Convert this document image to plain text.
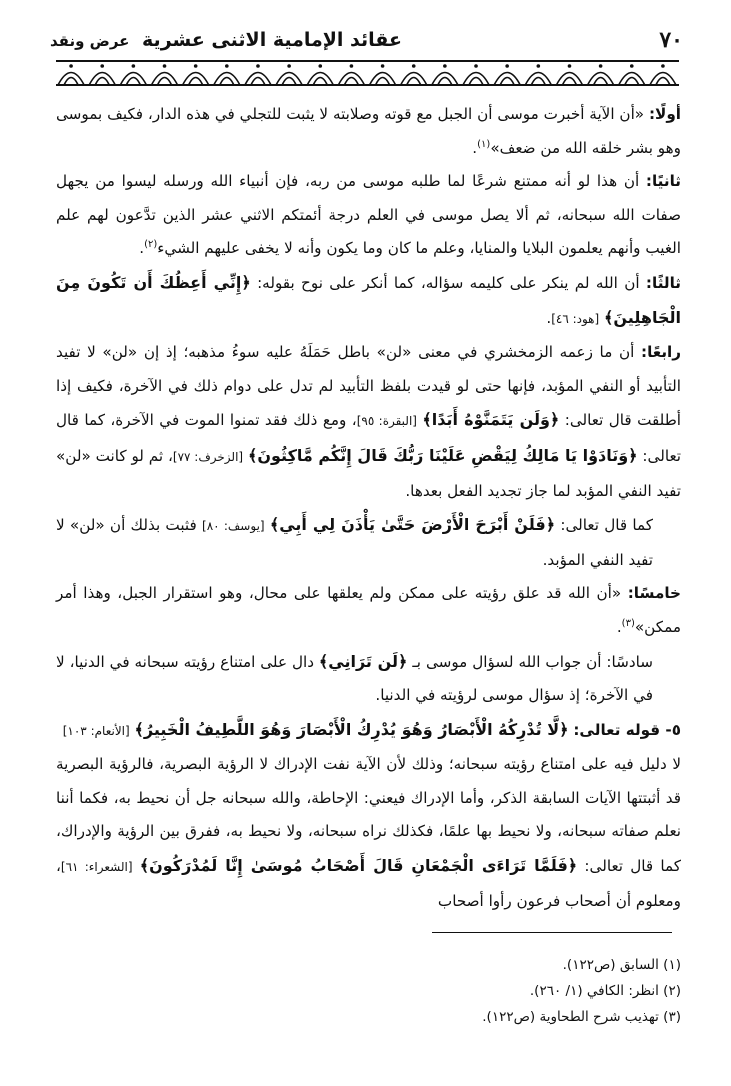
٧٠
عقائد الإمامية الاثنى عشرية عرض ونقد

أولًا: «أن الآية أخبرت موسى أن الجبل مع قوته وصلابته لا يثبت للتجلي في هذه الدار، فكيف بموسى وهو بشر خلقه الله من ضعف»$^{(١)}$.

ثانيًا: أن هذا لو أنه ممتنع شرعًا لما طلبه موسى من ربه، فإن أنبياء الله ورسله ليسوا من يجهل صفات الله سبحانه، ثم ألا يصل موسى في العلم درجة أئمتكم الاثني عشر الذين تدَّعون لهم علم الغيب وأنهم يعلمون البلايا والمنايا، وعلم ما كان وما يكون وأنه لا يخفى عليهم الشيء$^{(٢)}$.

ثالثًا: أن الله لم ينكر على كليمه سؤاله، كما أنكر على نوح بقوله: ﴿إِنِّي أَعِظُكَ أَن تَكُونَ مِنَ الْجَاهِلِينَ﴾ [هود: ٤٦].

رابعًا: أن ما زعمه الزمخشري في معنى «لن» باطل حَمَلَهُ عليه سوءُ مذهبه؛ إذ إن «لن» لا تفيد التأبيد أو النفي المؤبد، فإنها حتى لو قيدت بلفظ التأبيد لم تدل على دوام ذلك في الآخرة، فكيف إذا أطلقت قال تعالى: ﴿وَلَن يَتَمَنَّوْهُ أَبَدًا﴾ [البقرة: ٩٥]، ومع ذلك فقد تمنوا الموت في الآخرة، كما قال تعالى: ﴿وَنَادَوْا يَا مَالِكُ لِيَقْضِ عَلَيْنَا رَبُّكَ قَالَ إِنَّكُم مَّاكِثُونَ﴾ [الزخرف: ٧٧]، ثم لو كانت «لن» تفيد النفي المؤبد لما جاز تجديد الفعل بعدها.

كما قال تعالى: ﴿فَلَنْ أَبْرَحَ الْأَرْضَ حَتَّىٰ يَأْذَنَ لِي أَبِي﴾ [يوسف: ٨٠] فثبت بذلك أن «لن» لا تفيد النفي المؤبد.

خامسًا: «أن الله قد علق رؤيته على ممكن ولم يعلقها على محال، وهو استقرار الجبل، وهذا أمر ممكن»$^{(٣)}$.

سادسًا: أن جواب الله لسؤال موسى بـ ﴿لَن تَرَانِي﴾ دال على امتناع رؤيته سبحانه في الدنيا، لا في الآخرة؛ إذ سؤال موسى لرؤيته في الدنيا.

٥- قوله تعالى: ﴿لَّا تُدْرِكُهُ الْأَبْصَارُ وَهُوَ يُدْرِكُ الْأَبْصَارَ وَهُوَ اللَّطِيفُ الْخَبِيرُ﴾ [الأنعام: ١٠٣]

لا دليل فيه على امتناع رؤيته سبحانه؛ وذلك لأن الآية نفت الإدراك لا الرؤية البصرية، فالرؤية البصرية قد أثبتتها الآيات السابقة الذكر، وأما الإدراك فيعني: الإحاطة، والله سبحانه جل أن نحيط به، فكما أننا نعلم صفاته سبحانه، ولا نحيط بها علمًا، فكذلك نراه سبحانه، ولا نحيط به، ففرق بين الرؤية والإدراك، كما قال تعالى: ﴿فَلَمَّا تَرَاءَى الْجَمْعَانِ قَالَ أَصْحَابُ مُوسَىٰ إِنَّا لَمُدْرَكُونَ﴾ [الشعراء: ٦١]، ومعلوم أن أصحاب فرعون رأوا أصحاب

(١) السابق (ص١٢٢).

(٢) انظر: الكافي (١/ ٢٦٠).

(٣) تهذيب شرح الطحاوية (ص١٢٢).
